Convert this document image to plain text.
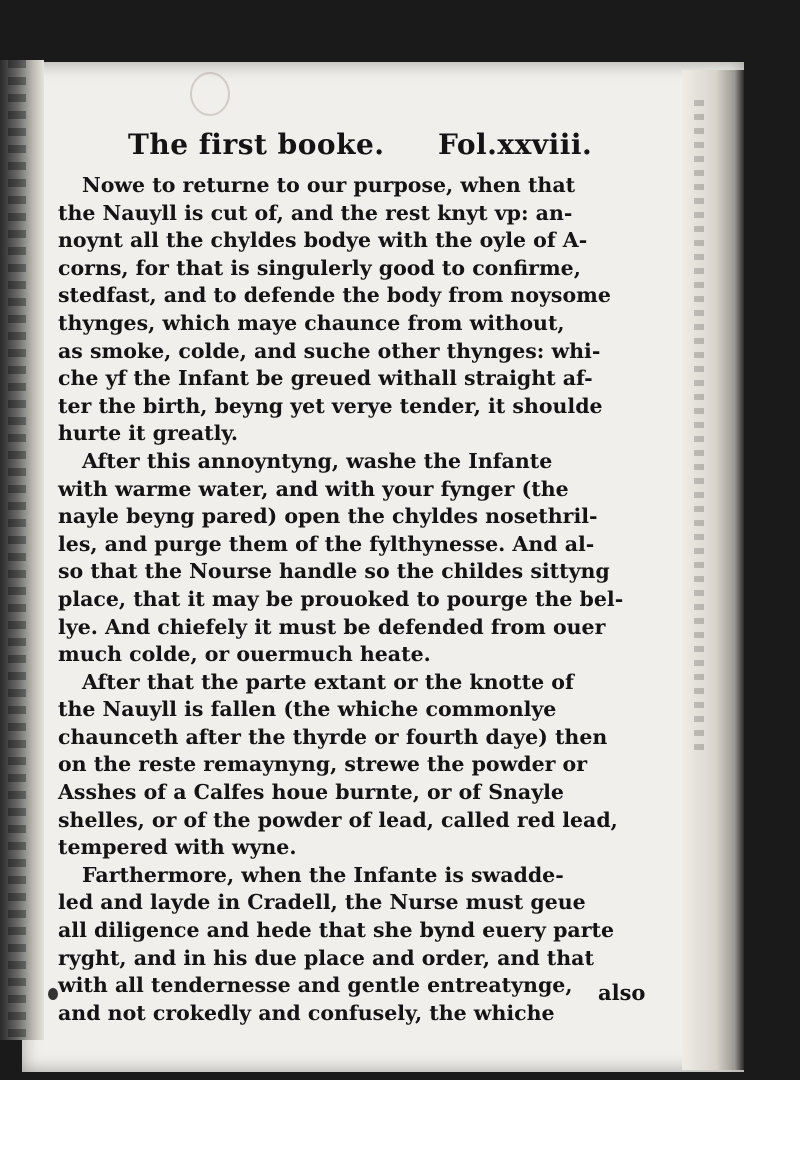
The first booke. Fol.xxviii.
Nowe to returne to our purpose, when that
the Nauyll is cut of, and the rest knyt vp: an-
noynt all the chyldes bodye with the oyle of A-
corns, for that is singulerly good to confirme,
stedfast, and to defende the body from noysome
thynges, which maye chaunce from without,
as smoke, colde, and suche other thynges: whi-
che yf the Infant be greued withall straight af-
ter the birth, beyng yet verye tender, it shoulde
hurte it greatly.
After this annoyntyng, washe the Infante
with warme water, and with your fynger (the
nayle beyng pared) open the chyldes nosethril-
les, and purge them of the fylthynesse. And al-
so that the Nourse handle so the childes sittyng
place, that it may be prouoked to pourge the bel-
lye. And chiefely it must be defended from ouer
much colde, or ouermuch heate.
After that the parte extant or the knotte of
the Nauyll is fallen (the whiche commonlye
chaunceth after the thyrde or fourth daye) then
on the reste remaynyng, strewe the powder or
Asshes of a Calfes houe burnte, or of Snayle
shelles, or of the powder of lead, called red lead,
tempered with wyne.
Farthermore, when the Infante is swadde-
led and layde in Cradell, the Nurse must geue
all diligence and hede that she bynd euery parte
ryght, and in his due place and order, and that
with all tendernesse and gentle entreatynge,
and not crokedly and confusely, the whiche
also
